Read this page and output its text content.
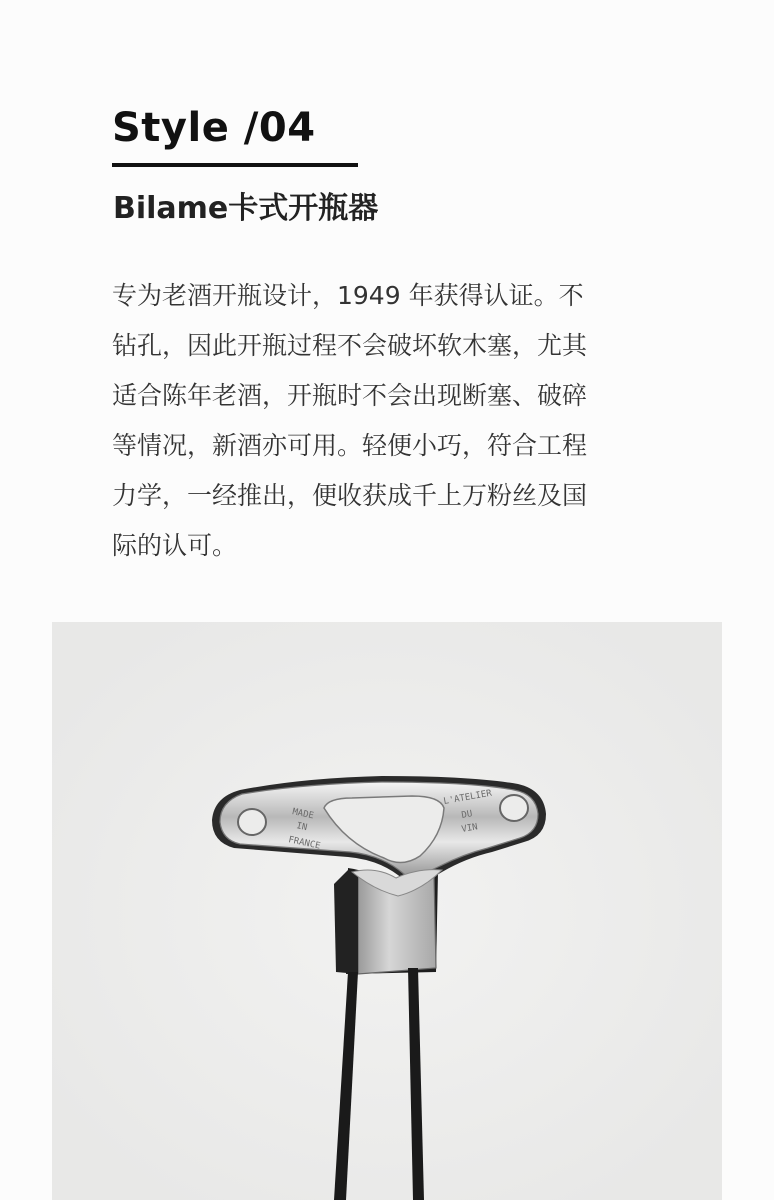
Style /04
Bilame卡式开瓶器

专为老酒开瓶设计，1949 年获得认证。不
钻孔，因此开瓶过程不会破坏软木塞，尤其
适合陈年老酒，开瓶时不会出现断塞、破碎
等情况，新酒亦可用。轻便小巧，符合工程
力学，一经推出，便收获成千上万粉丝及国
际的认可。

MADE
IN
FRANCE
L'ATELIER
DU
VIN
